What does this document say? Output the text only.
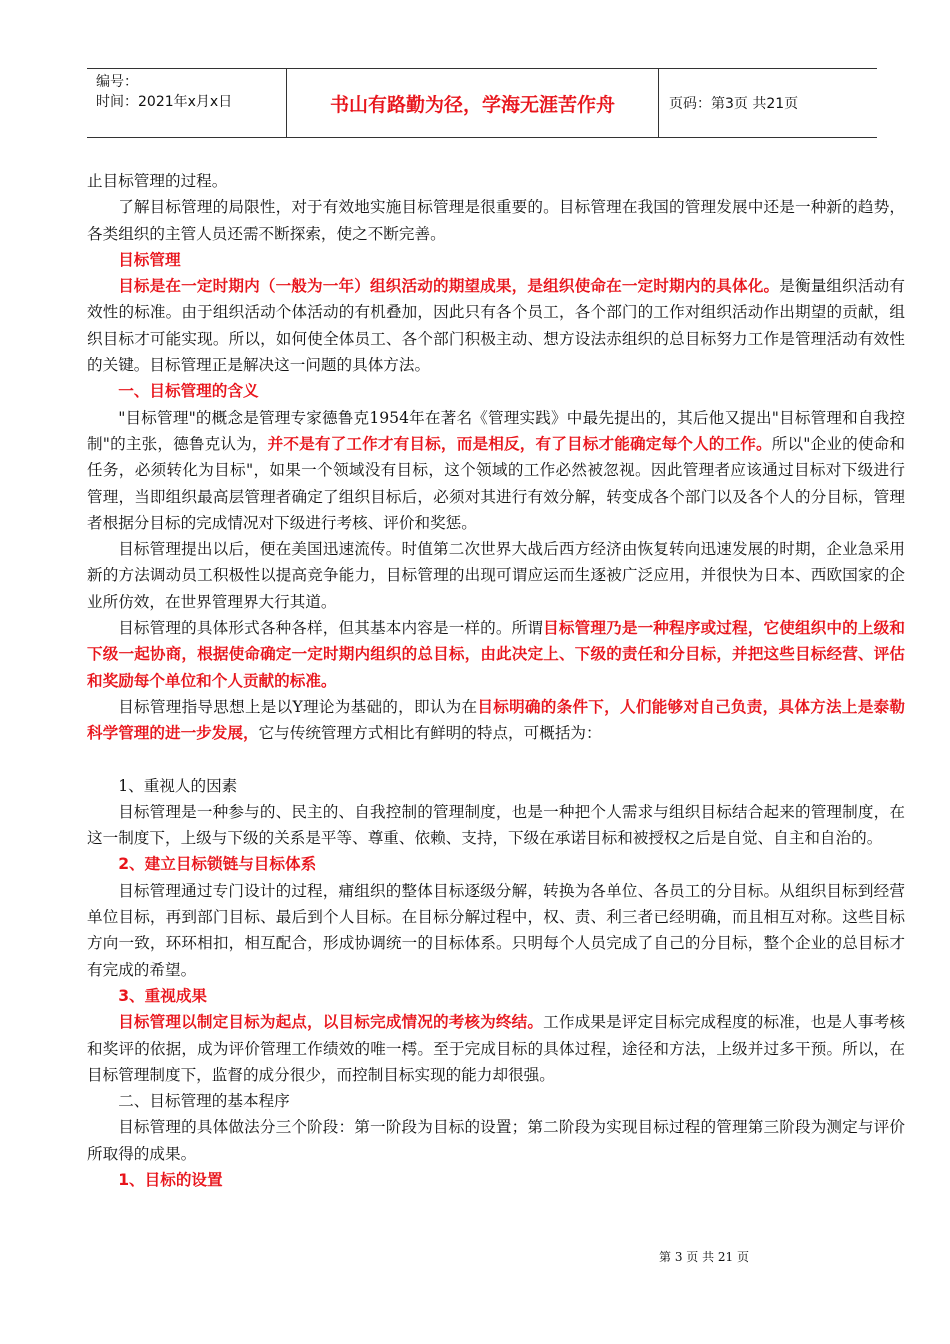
编号：
时间：2021年x月x日	书山有路勤为径，学海无涯苦作舟	页码：第3页 共21页

止目标管理的过程。

了解目标管理的局限性，对于有效地实施目标管理是很重要的。目标管理在我国的管理发展中还是一种新的趋势，各类组织的主管人员还需不断探索，使之不断完善。

目标管理

目标是在一定时期内（一般为一年）组织活动的期望成果，是组织使命在一定时期内的具体化。是衡量组织活动有效性的标准。由于组织活动个体活动的有机叠加，因此只有各个员工，各个部门的工作对组织活动作出期望的贡献，组织目标才可能实现。所以，如何使全体员工、各个部门积极主动、想方设法赤组织的总目标努力工作是管理活动有效性的关键。目标管理正是解决这一问题的具体方法。

一、目标管理的含义

"目标管理"的概念是管理专家德鲁克1954年在著名《管理实践》中最先提出的，其后他又提出"目标管理和自我控制"的主张，德鲁克认为，并不是有了工作才有目标，而是相反，有了目标才能确定每个人的工作。所以"企业的使命和任务，必须转化为目标"，如果一个领域没有目标，这个领域的工作必然被忽视。因此管理者应该通过目标对下级进行管理，当即组织最高层管理者确定了组织目标后，必须对其进行有效分解，转变成各个部门以及各个人的分目标，管理者根据分目标的完成情况对下级进行考核、评价和奖惩。

目标管理提出以后，便在美国迅速流传。时值第二次世界大战后西方经济由恢复转向迅速发展的时期，企业急采用新的方法调动员工积极性以提高竞争能力，目标管理的出现可谓应运而生逐被广泛应用，并很快为日本、西欧国家的企业所仿效，在世界管理界大行其道。

目标管理的具体形式各种各样，但其基本内容是一样的。所谓目标管理乃是一种程序或过程，它使组织中的上级和下级一起协商，根据使命确定一定时期内组织的总目标，由此决定上、下级的责任和分目标，并把这些目标经营、评估和奖励每个单位和个人贡献的标准。

目标管理指导思想上是以Y理论为基础的，即认为在目标明确的条件下，人们能够对自己负责，具体方法上是泰勒科学管理的进一步发展，它与传统管理方式相比有鲜明的特点，可概括为：

1、重视人的因素

目标管理是一种参与的、民主的、自我控制的管理制度，也是一种把个人需求与组织目标结合起来的管理制度，在这一制度下，上级与下级的关系是平等、尊重、依赖、支持，下级在承诺目标和被授权之后是自觉、自主和自治的。

2、建立目标锁链与目标体系

目标管理通过专门设计的过程，痡组织的整体目标逐级分解，转换为各单位、各员工的分目标。从组织目标到经营单位目标，再到部门目标、最后到个人目标。在目标分解过程中，权、责、利三者已经明确，而且相互对称。这些目标方向一致，环环相扣，相互配合，形成协调统一的目标体系。只明每个人员完成了自己的分目标，整个企业的总目标才有完成的希望。

3、重视成果

目标管理以制定目标为起点，以目标完成情况的考核为终结。工作成果是评定目标完成程度的标准，也是人事考核和奖评的依据，成为评价管理工作绩效的唯一樗。至于完成目标的具体过程，途径和方法，上级并过多干预。所以，在目标管理制度下，监督的成分很少，而控制目标实现的能力却很强。

二、目标管理的基本程序

目标管理的具体做法分三个阶段：第一阶段为目标的设置；第二阶段为实现目标过程的管理第三阶段为测定与评价所取得的成果。

1、目标的设置

第 3 页 共 21 页
